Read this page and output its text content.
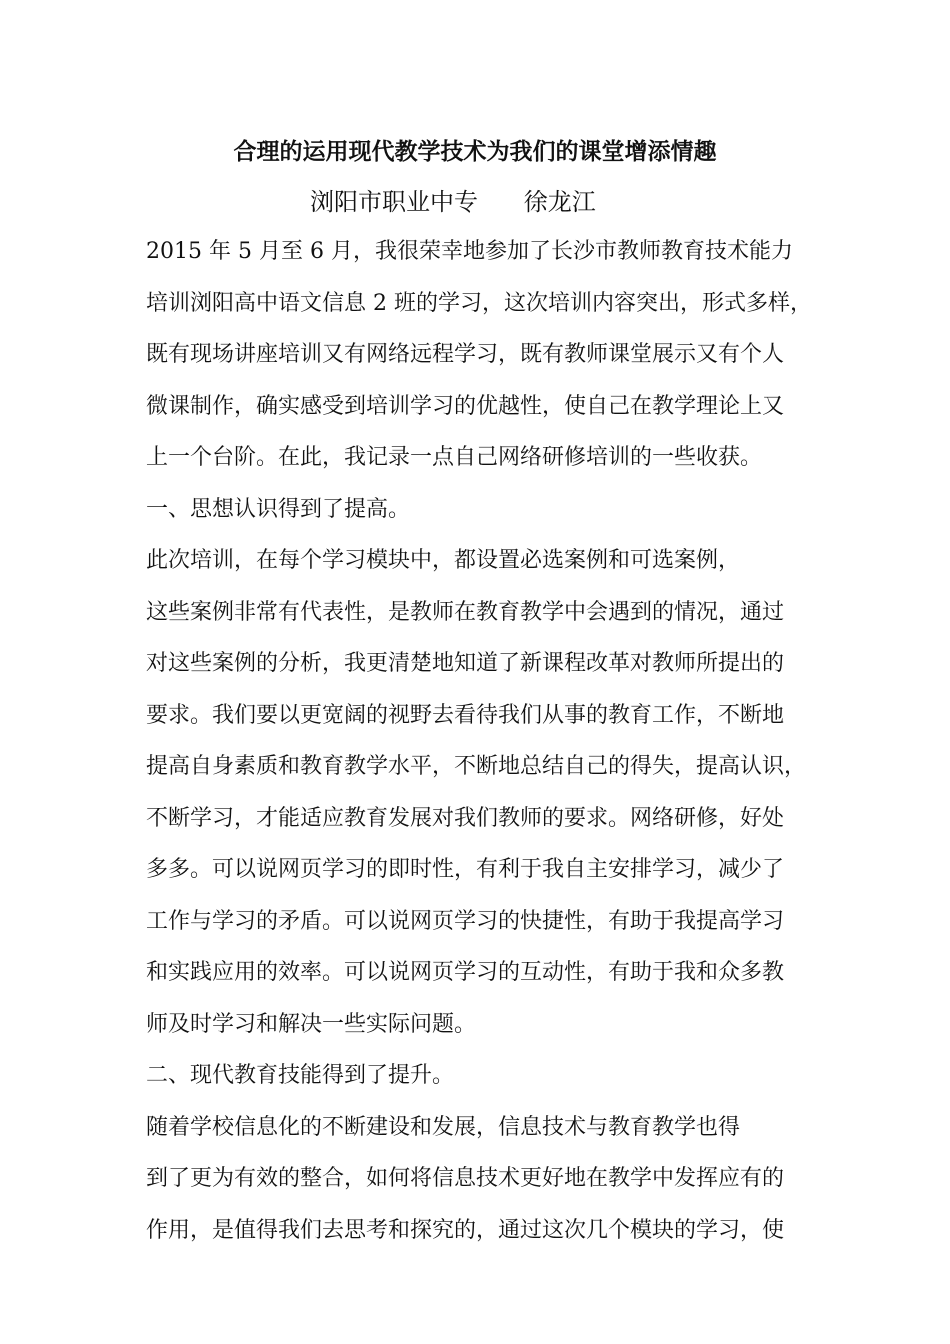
合理的运用现代教学技术为我们的课堂增添情趣
浏阳市职业中专      徐龙江
2015 年 5 月至 6 月，我很荣幸地参加了长沙市教师教育技术能力
培训浏阳高中语文信息 2 班的学习，这次培训内容突出，形式多样，
既有现场讲座培训又有网络远程学习，既有教师课堂展示又有个人
微课制作，确实感受到培训学习的优越性，使自己在教学理论上又
上一个台阶。在此，我记录一点自己网络研修培训的一些收获。
一、思想认识得到了提高。
此次培训，在每个学习模块中，都设置必选案例和可选案例，
这些案例非常有代表性，是教师在教育教学中会遇到的情况，通过
对这些案例的分析，我更清楚地知道了新课程改革对教师所提出的
要求。我们要以更宽阔的视野去看待我们从事的教育工作，不断地
提高自身素质和教育教学水平，不断地总结自己的得失，提高认识，
不断学习，才能适应教育发展对我们教师的要求。网络研修，好处
多多。可以说网页学习的即时性，有利于我自主安排学习，减少了
工作与学习的矛盾。可以说网页学习的快捷性，有助于我提高学习
和实践应用的效率。可以说网页学习的互动性，有助于我和众多教
师及时学习和解决一些实际问题。
二、现代教育技能得到了提升。
随着学校信息化的不断建设和发展，信息技术与教育教学也得
到了更为有效的整合，如何将信息技术更好地在教学中发挥应有的
作用，是值得我们去思考和探究的，通过这次几个模块的学习，使
